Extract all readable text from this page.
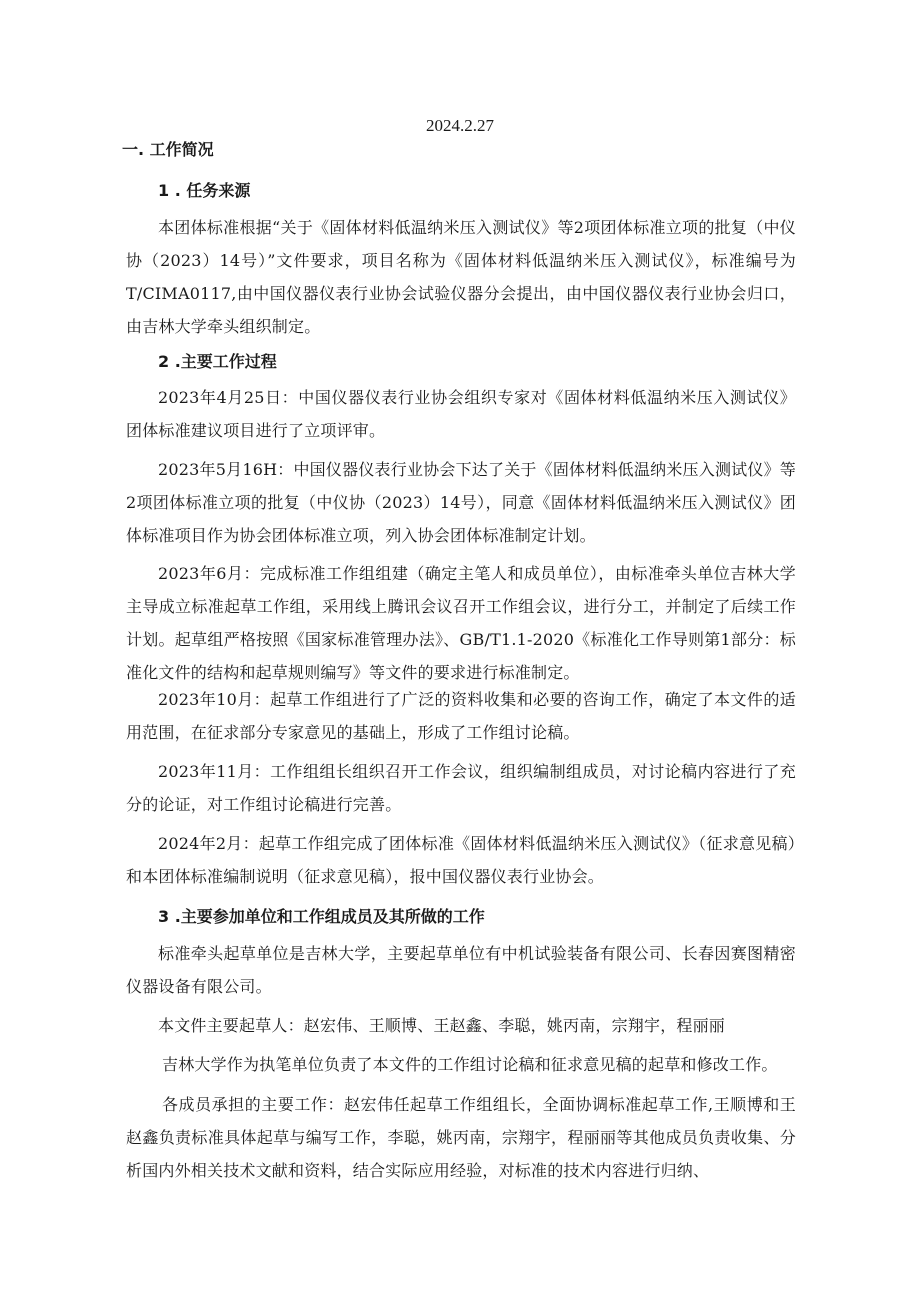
2024.2.27
一. 工作简况
1 . 任务来源

本团体标准根据“关于《固体材料低温纳米压入测试仪》等2项团体标准立项的批复（中仪协（2023）14号）”文件要求，项目名称为《固体材料低温纳米压入测试仪》，标准编号为T/CIMA0117,由中国仪器仪表行业协会试验仪器分会提出，由中国仪器仪表行业协会归口，由吉林大学牵头组织制定。

2 .主要工作过程

2023年4月25日：中国仪器仪表行业协会组织专家对《固体材料低温纳米压入测试仪》团体标准建议项目进行了立项评审。

2023年5月16H：中国仪器仪表行业协会下达了关于《固体材料低温纳米压入测试仪》等2项团体标准立项的批复（中仪协（2023）14号），同意《固体材料低温纳米压入测试仪》团体标准项目作为协会团体标准立项，列入协会团体标准制定计划。

2023年6月：完成标准工作组组建（确定主笔人和成员单位），由标准牵头单位吉林大学主导成立标准起草工作组，采用线上腾讯会议召开工作组会议，进行分工，并制定了后续工作计划。起草组严格按照《国家标准管理办法》、GB/T1.1-2020《标准化工作导则第1部分：标准化文件的结构和起草规则编写》等文件的要求进行标准制定。

2023年10月：起草工作组进行了广泛的资料收集和必要的咨询工作，确定了本文件的适用范围，在征求部分专家意见的基础上，形成了工作组讨论稿。

2023年11月：工作组组长组织召开工作会议，组织编制组成员，对讨论稿内容进行了充分的论证，对工作组讨论稿进行完善。

2024年2月：起草工作组完成了团体标准《固体材料低温纳米压入测试仪》（征求意见稿）和本团体标准编制说明（征求意见稿），报中国仪器仪表行业协会。

3 .主要参加单位和工作组成员及其所做的工作

标准牵头起草单位是吉林大学，主要起草单位有中机试验装备有限公司、长春因赛图精密仪器设备有限公司。

本文件主要起草人：赵宏伟、王顺博、王赵鑫、李聪，姚丙南，宗翔宇，程丽丽

吉林大学作为执笔单位负责了本文件的工作组讨论稿和征求意见稿的起草和修改工作。

各成员承担的主要工作：赵宏伟任起草工作组组长，全面协调标准起草工作,王顺博和王赵鑫负责标准具体起草与编写工作，李聪，姚丙南，宗翔宇，程丽丽等其他成员负责收集、分析国内外相关技术文献和资料，结合实际应用经验，对标准的技术内容进行归纳、
